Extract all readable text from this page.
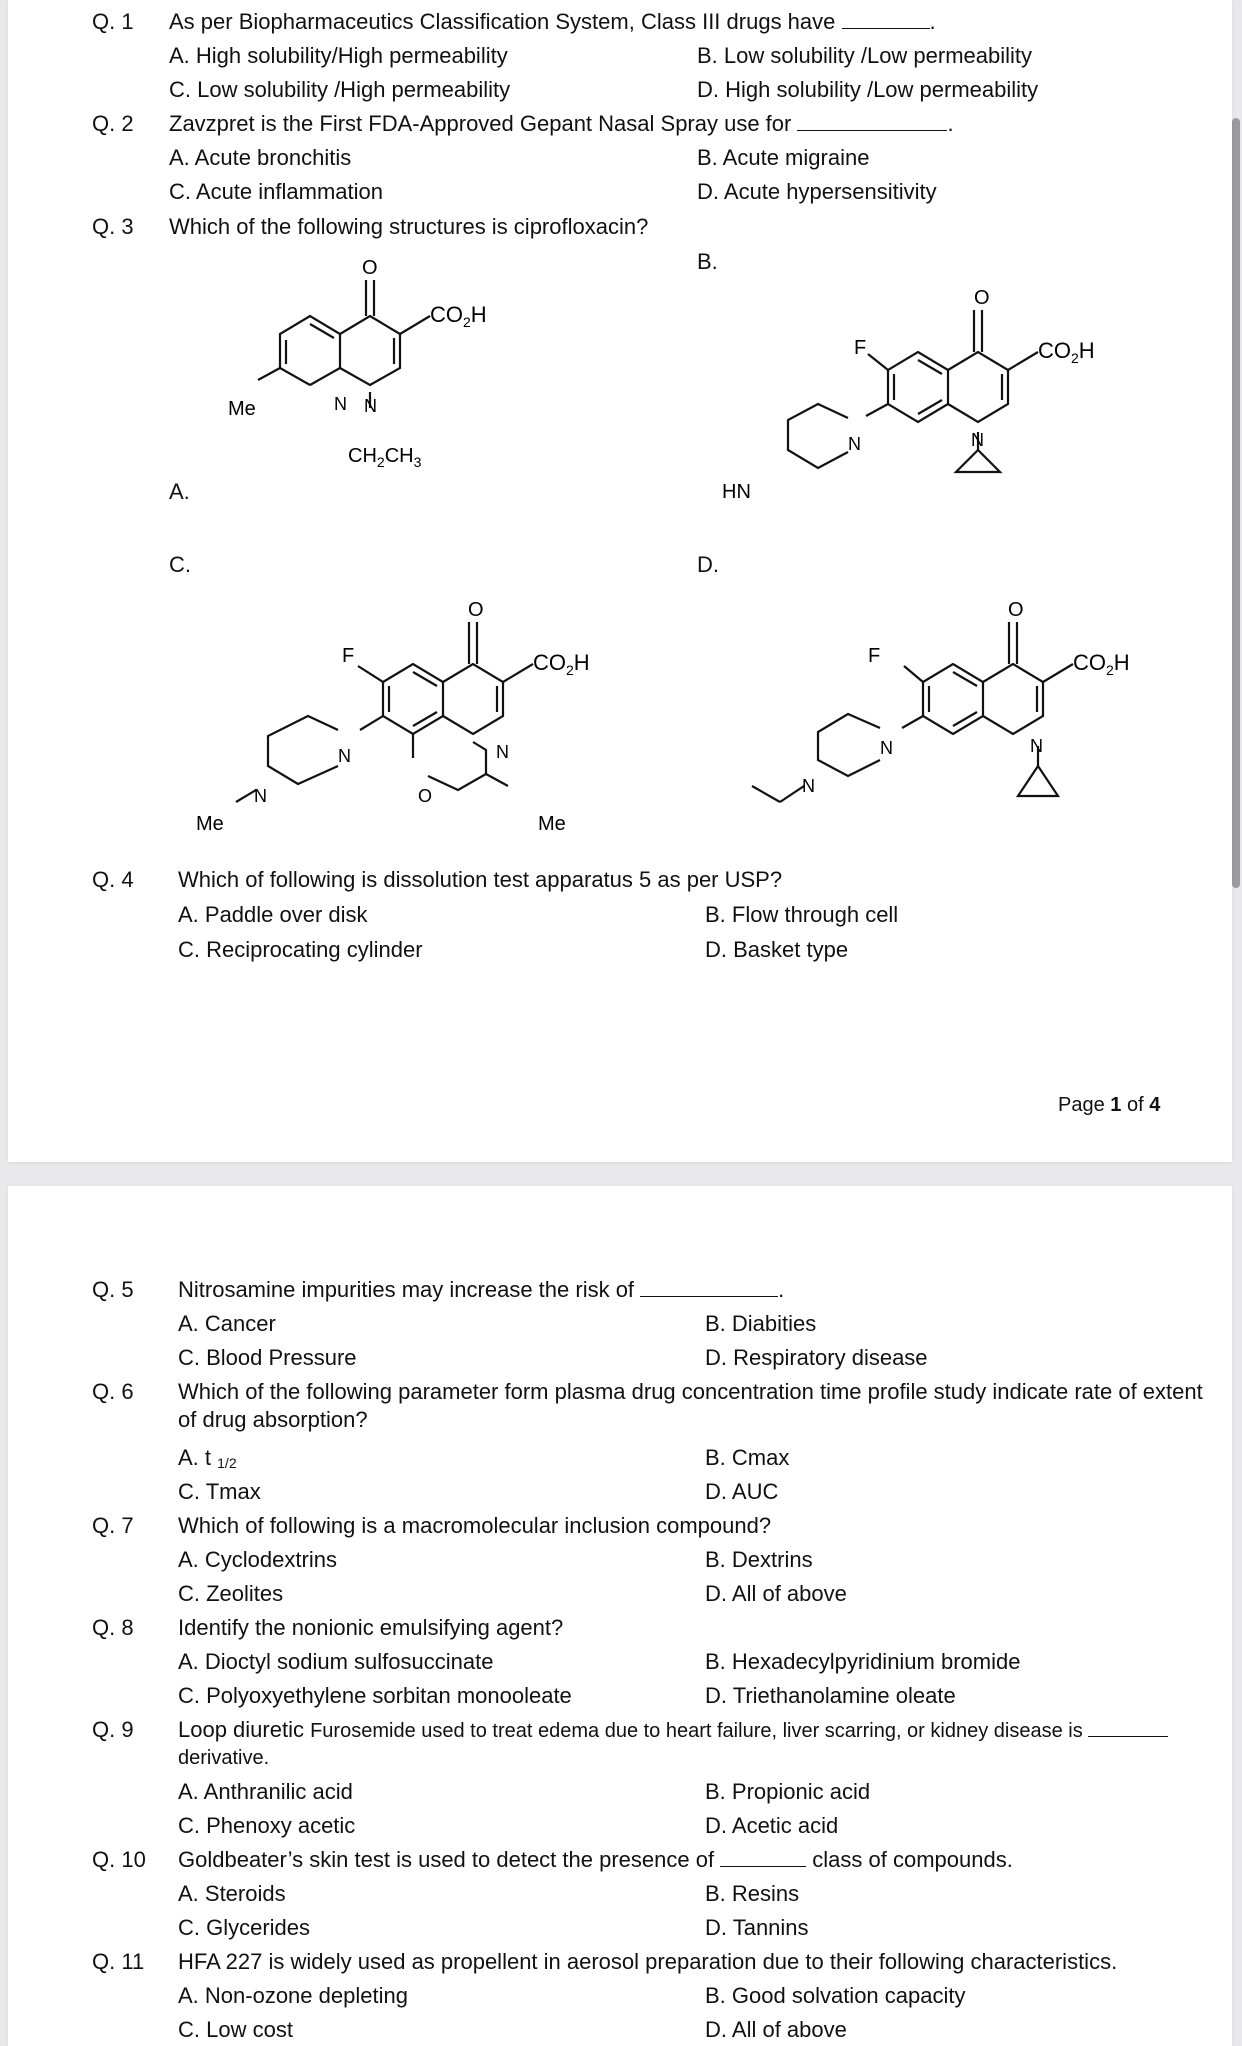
Q. 1 As per Biopharmaceutics Classification System, Class III drugs have	.
A. High solubility/High permeability	B. Low solubility /Low permeability
C. Low solubility /High permeability	D. High solubility /Low permeability
Q. 2 Zavzpret is the First FDA-Approved Gepant Nasal Spray use for	.
A. Acute bronchitis	B. Acute migraine
C. Acute inflammation	D. Acute hypersensitivity
Q. 3 Which of the following structures is ciprofloxacin?
A.
B.
C.	D.
O
$CO_2H$
Me	N N
$CH_2CH_3$
O
$CO_2H$
F
N	N
HN
O
$CO_2H$
F
N	N
N	O
Me	Me
O
$CO_2H$
F
N	N
N
Q. 4 Which of following is dissolution test apparatus 5 as per USP?
A. Paddle over disk	B. Flow through cell
C. Reciprocating cylinder	D. Basket type
Page 1 of 4
Q. 5 Nitrosamine impurities may increase the risk of	.
A. Cancer	B. Diabities
C. Blood Pressure	D. Respiratory disease
Q. 6 Which of the following parameter form plasma drug concentration time profile study indicate rate of extent of drug absorption?
A. t $_{1/2}$	B. Cmax
C. Tmax	D. AUC
Q. 7 Which of following is a macromolecular inclusion compound?
A. Cyclodextrins	B. Dextrins
C. Zeolites	D. All of above
Q. 8 Identify the nonionic emulsifying agent?
A. Dioctyl sodium sulfosuccinate	B. Hexadecylpyridinium bromide
C. Polyoxyethylene sorbitan monooleate	D. Triethanolamine oleate
Q. 9 Loop diuretic Furosemide used to treat edema due to heart failure, liver scarring, or kidney disease is
derivative.
A. Anthranilic acid	B. Propionic acid
C. Phenoxy acetic	D. Acetic acid
Q. 10 Goldbeater’s skin test is used to detect the presence of	class of compounds.
A. Steroids	B. Resins
C. Glycerides	D. Tannins
Q. 11 HFA 227 is widely used as propellent in aerosol preparation due to their following characteristics.
A. Non-ozone depleting	B. Good solvation capacity
C. Low cost	D. All of above
